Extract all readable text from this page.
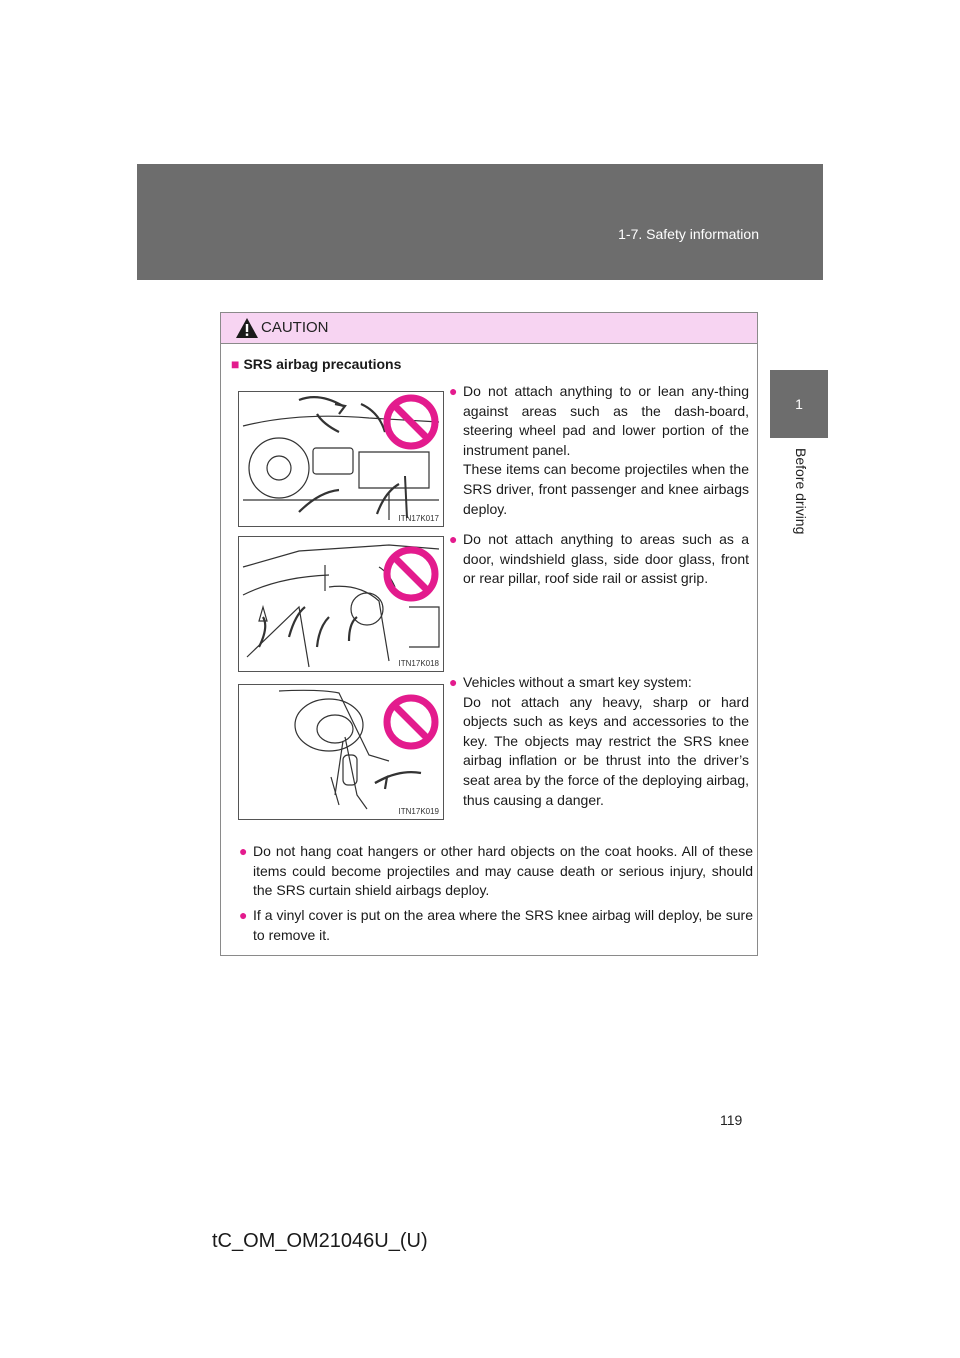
1-7. Safety information
1
Before driving
CAUTION
■ SRS airbag precautions
ITN17K017
ITN17K018
ITN17K019
● Do not attach anything to or lean any-thing against areas such as the dash-board, steering wheel pad and lower portion of the instrument panel.
These items can become projectiles when the SRS driver, front passenger and knee airbags deploy.
● Do not attach anything to areas such as a door, windshield glass, side door glass, front or rear pillar, roof side rail or assist grip.
● Vehicles without a smart key system:
Do not attach any heavy, sharp or hard objects such as keys and accessories to the key. The objects may restrict the SRS knee airbag inflation or be thrust into the driver’s seat area by the force of the deploying airbag, thus causing a danger.
● Do not hang coat hangers or other hard objects on the coat hooks. All of these items could become projectiles and may cause death or serious injury, should the SRS curtain shield airbags deploy.
● If a vinyl cover is put on the area where the SRS knee airbag will deploy, be sure to remove it.
119
tC_OM_OM21046U_(U)
